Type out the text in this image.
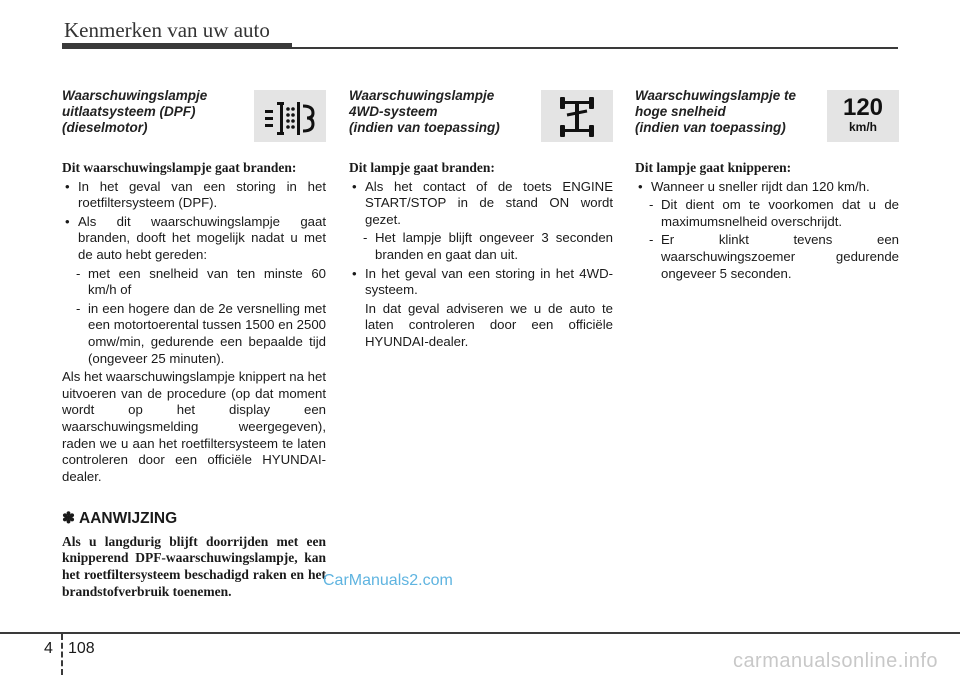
Kenmerken van uw auto
Waarschuwingslampje
uitlaatsysteem (DPF)
(dieselmotor)

Dit waarschuwingslampje gaat branden:

• In het geval van een storing in het roetfiltersysteem (DPF).
• Als dit waarschuwingslampje gaat branden, dooft het mogelijk nadat u met de auto hebt gereden:
- met een snelheid van ten minste 60 km/h of
- in een hogere dan de 2e versnelling met een motortoerental tussen 1500 en 2500 omw/min, gedurende een bepaalde tijd (ongeveer 25 minuten).
Als het waarschuwingslampje knippert na het uitvoeren van de procedure (op dat moment wordt op het display een waarschuwingsmelding weergegeven), raden we u aan het roetfiltersysteem te laten controleren door een officiële HYUNDAI-dealer.
✽ AANWIJZING
Als u langdurig blijft doorrijden met een knipperend DPF-waarschuwingslampje, kan het roetfiltersysteem beschadigd raken en het brandstofverbruik toenemen.
Waarschuwingslampje
4WD-systeem
(indien van toepassing)

Dit lampje gaat branden:

• Als het contact of de toets ENGINE START/STOP in de stand ON wordt gezet.
- Het lampje blijft ongeveer 3 seconden branden en gaat dan uit.
• In het geval van een storing in het 4WD-systeem.
In dat geval adviseren we u de auto te laten controleren door een officiële HYUNDAI-dealer.
Waarschuwingslampje te
hoge snelheid
(indien van toepassing)
120
km/h

Dit lampje gaat knipperen:

• Wanneer u sneller rijdt dan 120 km/h.
- Dit dient om te voorkomen dat u de maximumsnelheid overschrijdt.
- Er klinkt tevens een waarschuwingszoemer gedurende ongeveer 5 seconden.
CarManuals2.com
4 108
carmanualsonline.info
